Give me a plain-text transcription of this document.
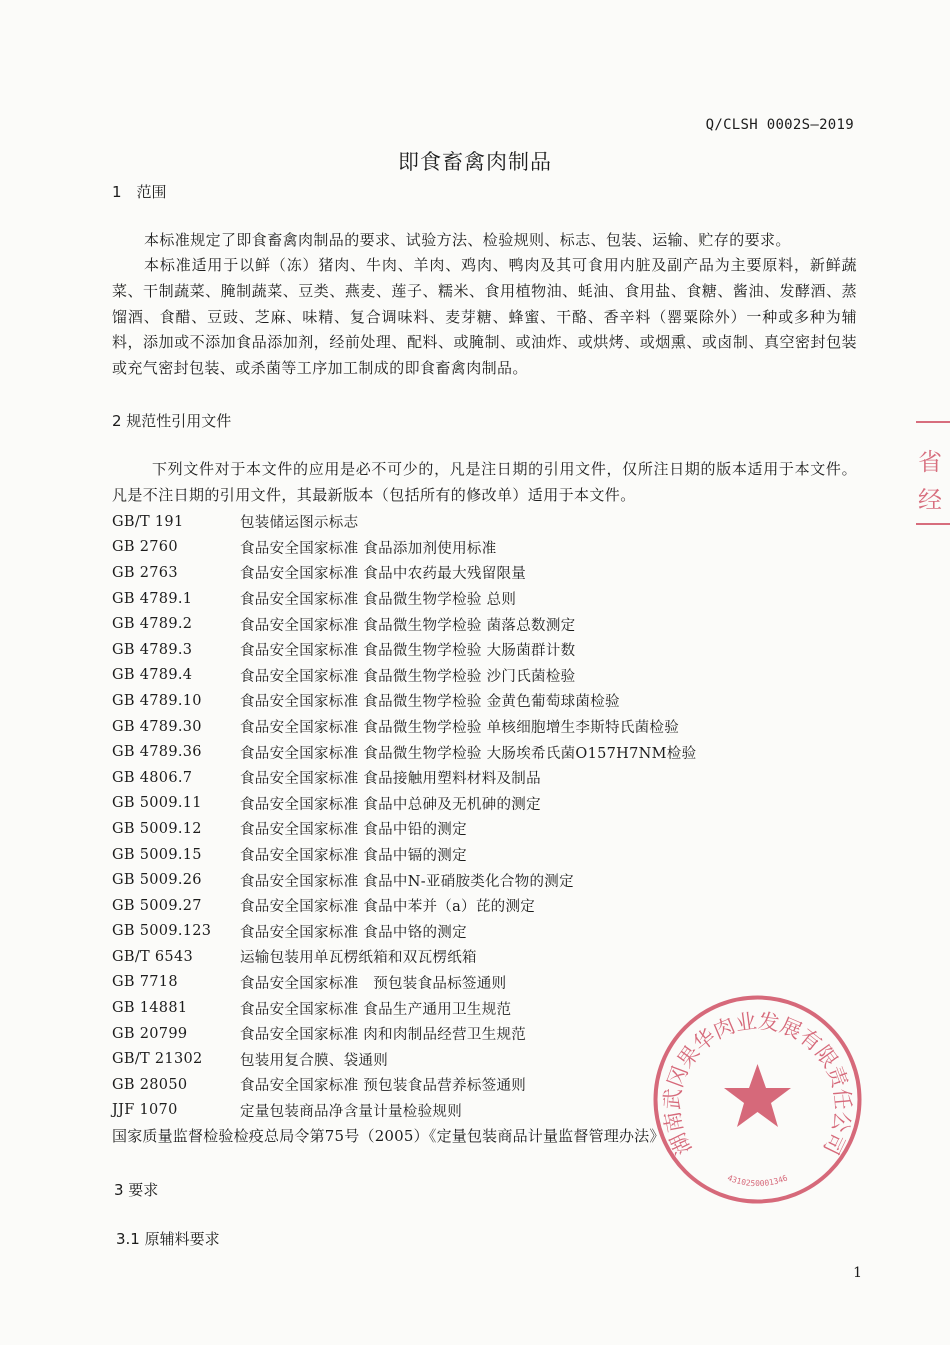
Q/CLSH 0002S—2019
即食畜禽肉制品
1　范围
本标准规定了即食畜禽肉制品的要求、试验方法、检验规则、标志、包装、运输、贮存的要求。
本标准适用于以鲜（冻）猪肉、牛肉、羊肉、鸡肉、鸭肉及其可食用内脏及副产品为主要原料，新鲜蔬菜、干制蔬菜、腌制蔬菜、豆类、燕麦、莲子、糯米、食用植物油、蚝油、食用盐、食糖、酱油、发酵酒、蒸馏酒、食醋、豆豉、芝麻、味精、复合调味料、麦芽糖、蜂蜜、干酪、香辛料（罂粟除外）一种或多种为辅料，添加或不添加食品添加剂，经前处理、配料、或腌制、或油炸、或烘烤、或烟熏、或卤制、真空密封包装或充气密封包装、或杀菌等工序加工制成的即食畜禽肉制品。
2 规范性引用文件
下列文件对于本文件的应用是必不可少的，凡是注日期的引用文件，仅所注日期的版本适用于本文件。凡是不注日期的引用文件，其最新版本（包括所有的修改单）适用于本文件。
GB/T 191	包装储运图示标志
GB 2760	食品安全国家标准 食品添加剂使用标准
GB 2763	食品安全国家标准 食品中农药最大残留限量
GB 4789.1	食品安全国家标准 食品微生物学检验 总则
GB 4789.2	食品安全国家标准 食品微生物学检验 菌落总数测定
GB 4789.3	食品安全国家标准 食品微生物学检验 大肠菌群计数
GB 4789.4	食品安全国家标准 食品微生物学检验 沙门氏菌检验
GB 4789.10	食品安全国家标准 食品微生物学检验 金黄色葡萄球菌检验
GB 4789.30	食品安全国家标准 食品微生物学检验 单核细胞增生李斯特氏菌检验
GB 4789.36	食品安全国家标准 食品微生物学检验 大肠埃希氏菌O157H7NM检验
GB 4806.7	食品安全国家标准 食品接触用塑料材料及制品
GB 5009.11	食品安全国家标准 食品中总砷及无机砷的测定
GB 5009.12	食品安全国家标准 食品中铅的测定
GB 5009.15	食品安全国家标准 食品中镉的测定
GB 5009.26	食品安全国家标准 食品中N-亚硝胺类化合物的测定
GB 5009.27	食品安全国家标准 食品中苯并（a）芘的测定
GB 5009.123	食品安全国家标准 食品中铬的测定
GB/T 6543	运输包装用单瓦楞纸箱和双瓦楞纸箱
GB 7718	食品安全国家标准　预包装食品标签通则
GB 14881	食品安全国家标准 食品生产通用卫生规范
GB 20799	食品安全国家标准 肉和肉制品经营卫生规范
GB/T 21302	包装用复合膜、袋通则
GB 28050	食品安全国家标准 预包装食品营养标签通则
JJF 1070	定量包装商品净含量计量检验规则
国家质量监督检验检疫总局令第75号（2005）《定量包装商品计量监督管理办法》
3 要求
3.1 原辅料要求
1
湖南武冈果华肉业发展有限责任公司
4310250001346
省
经
